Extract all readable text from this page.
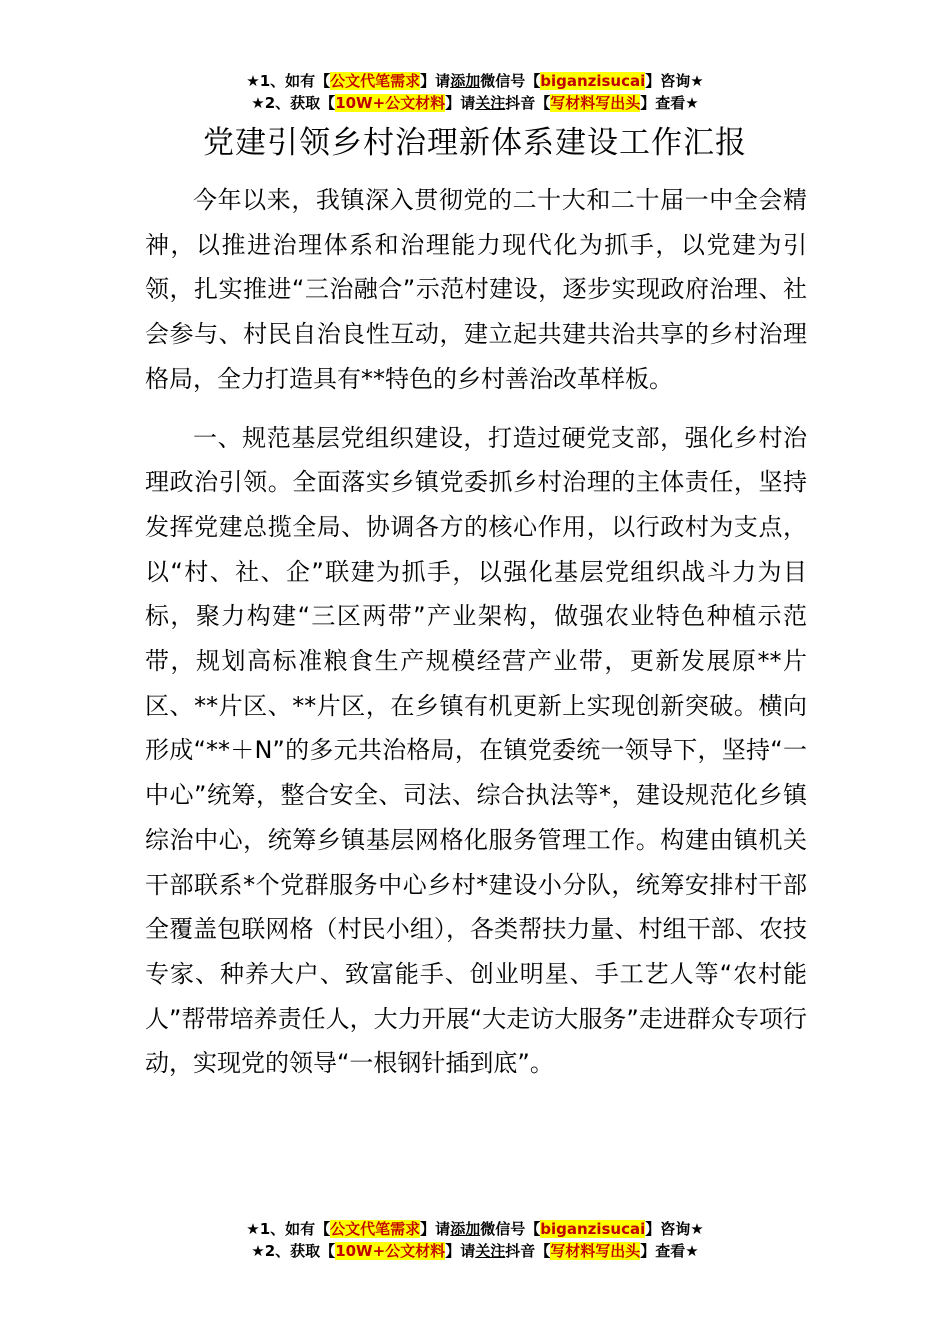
★1、如有【公文代笔需求】请添加微信号【biganzisucai】咨询★
★2、获取【10W+公文材料】请关注抖音【写材料写出头】查看★
党建引领乡村治理新体系建设工作汇报

今年以来，我镇深入贯彻党的二十大和二十届一中全会精神，以推进治理体系和治理能力现代化为抓手，以党建为引领，扎实推进“三治融合”示范村建设，逐步实现政府治理、社会参与、村民自治良性互动，建立起共建共治共享的乡村治理格局，全力打造具有**特色的乡村善治改革样板。

一、规范基层党组织建设，打造过硬党支部，强化乡村治理政治引领。全面落实乡镇党委抓乡村治理的主体责任，坚持发挥党建总揽全局、协调各方的核心作用，以行政村为支点，以“村、社、企”联建为抓手，以强化基层党组织战斗力为目标，聚力构建“三区两带”产业架构，做强农业特色种植示范带，规划高标准粮食生产规模经营产业带，更新发展原**片区、**片区、**片区，在乡镇有机更新上实现创新突破。横向形成“**＋N”的多元共治格局，在镇党委统一领导下，坚持“一中心”统筹，整合安全、司法、综合执法等*，建设规范化乡镇综治中心，统筹乡镇基层网格化服务管理工作。构建由镇机关干部联系*个党群服务中心乡村*建设小分队，统筹安排村干部全覆盖包联网格（村民小组），各类帮扶力量、村组干部、农技专家、种养大户、致富能手、创业明星、手工艺人等“农村能人”帮带培养责任人，大力开展“大走访大服务”走进群众专项行动，实现党的领导“一根钢针插到底”。

★1、如有【公文代笔需求】请添加微信号【biganzisucai】咨询★
★2、获取【10W+公文材料】请关注抖音【写材料写出头】查看★
